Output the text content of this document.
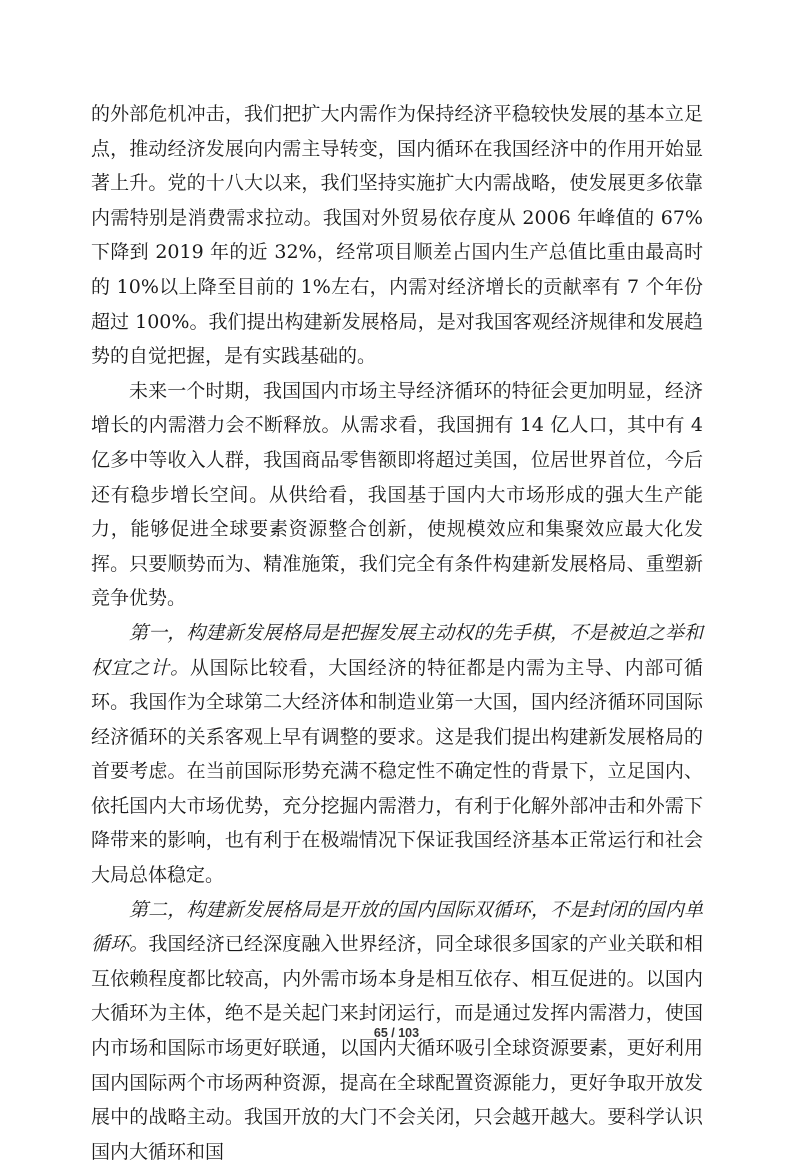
的外部危机冲击，我们把扩大内需作为保持经济平稳较快发展的基本立足点，推动经济发展向内需主导转变，国内循环在我国经济中的作用开始显著上升。党的十八大以来，我们坚持实施扩大内需战略，使发展更多依靠内需特别是消费需求拉动。我国对外贸易依存度从 2006 年峰值的 67%下降到 2019 年的近 32%，经常项目顺差占国内生产总值比重由最高时的 10%以上降至目前的 1%左右，内需对经济增长的贡献率有 7 个年份超过 100%。我们提出构建新发展格局，是对我国客观经济规律和发展趋势的自觉把握，是有实践基础的。

未来一个时期，我国国内市场主导经济循环的特征会更加明显，经济增长的内需潜力会不断释放。从需求看，我国拥有 14 亿人口，其中有 4 亿多中等收入人群，我国商品零售额即将超过美国，位居世界首位，今后还有稳步增长空间。从供给看，我国基于国内大市场形成的强大生产能力，能够促进全球要素资源整合创新，使规模效应和集聚效应最大化发挥。只要顺势而为、精准施策，我们完全有条件构建新发展格局、重塑新竞争优势。

第一，构建新发展格局是把握发展主动权的先手棋，不是被迫之举和权宜之计。从国际比较看，大国经济的特征都是内需为主导、内部可循环。我国作为全球第二大经济体和制造业第一大国，国内经济循环同国际经济循环的关系客观上早有调整的要求。这是我们提出构建新发展格局的首要考虑。在当前国际形势充满不稳定性不确定性的背景下，立足国内、依托国内大市场优势，充分挖掘内需潜力，有利于化解外部冲击和外需下降带来的影响，也有利于在极端情况下保证我国经济基本正常运行和社会大局总体稳定。

第二，构建新发展格局是开放的国内国际双循环，不是封闭的国内单循环。我国经济已经深度融入世界经济，同全球很多国家的产业关联和相互依赖程度都比较高，内外需市场本身是相互依存、相互促进的。以国内大循环为主体，绝不是关起门来封闭运行，而是通过发挥内需潜力，使国内市场和国际市场更好联通，以国内大循环吸引全球资源要素，更好利用国内国际两个市场两种资源，提高在全球配置资源能力，更好争取开放发展中的战略主动。我国开放的大门不会关闭，只会越开越大。要科学认识国内大循环和国

65 / 103
